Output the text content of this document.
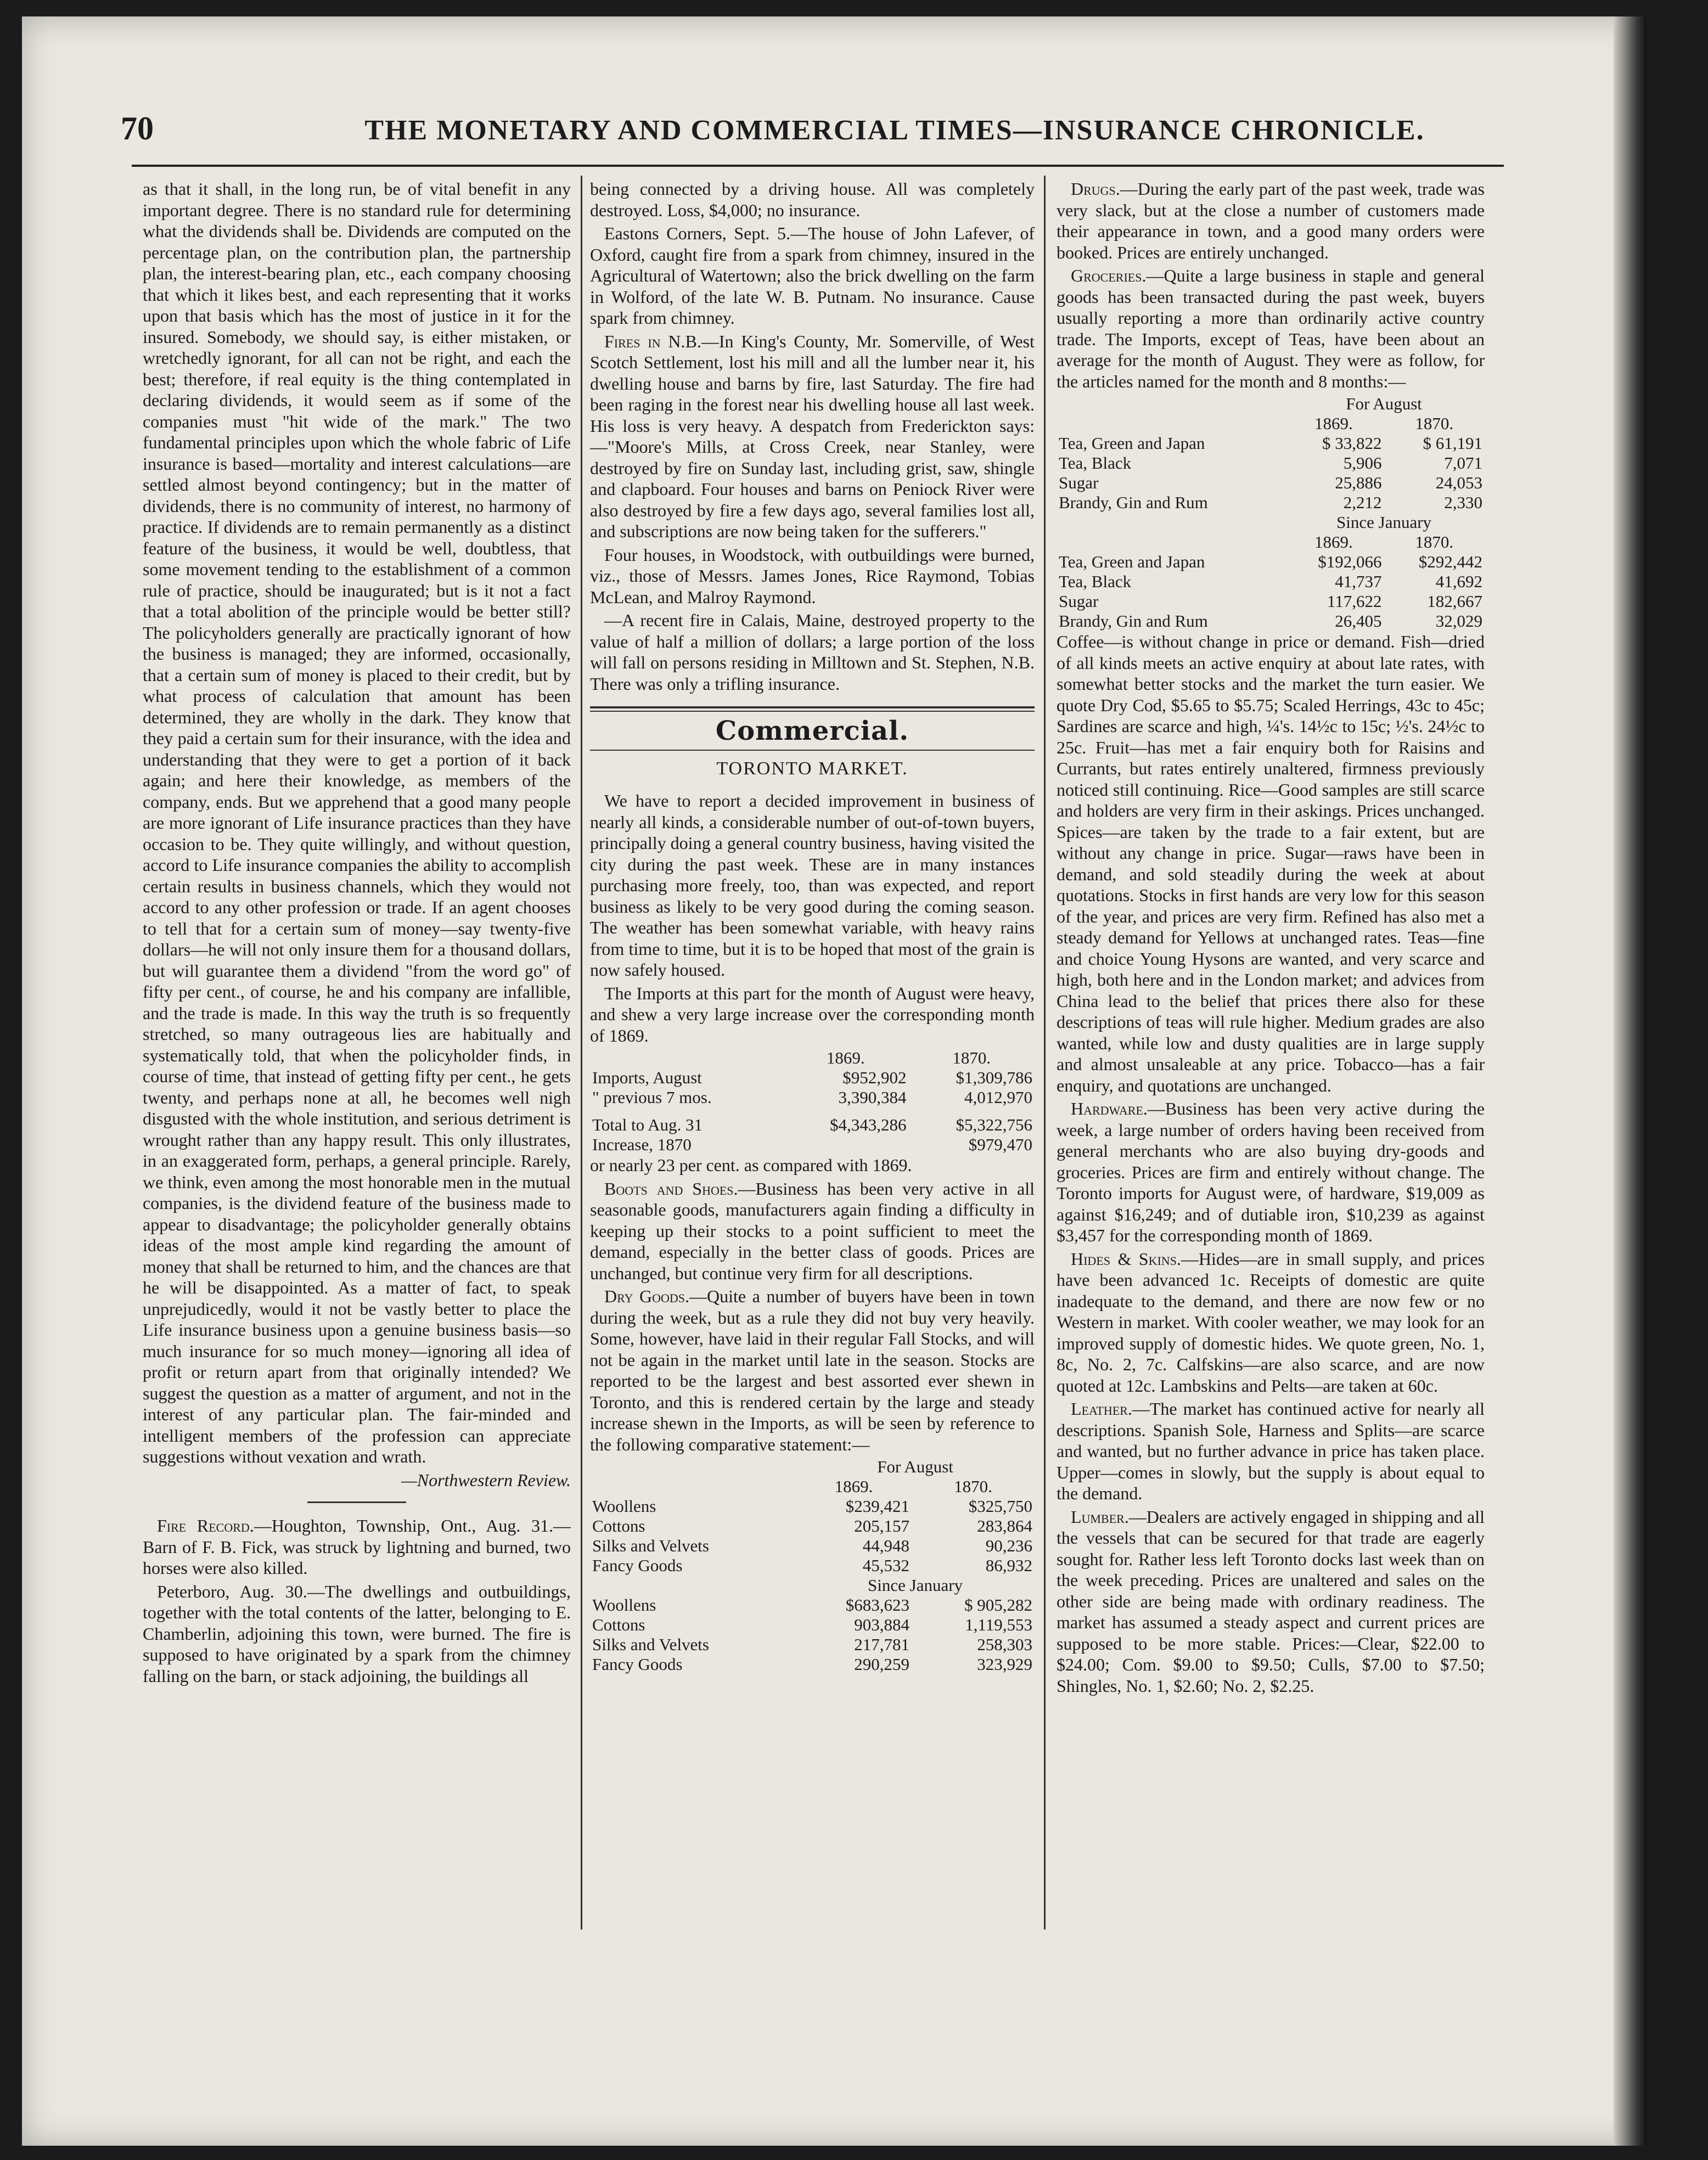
70	THE MONETARY AND COMMERCIAL TIMES—INSURANCE CHRONICLE.

as that it shall, in the long run, be of vital benefit in any important degree. There is no standard rule for determining what the dividends shall be. Dividends are computed on the percentage plan, on the contribution plan, the partnership plan, the interest-bearing plan, etc., each company choosing that which it likes best, and each representing that it works upon that basis which has the most of justice in it for the insured. Somebody, we should say, is either mistaken, or wretchedly ignorant, for all can not be right, and each the best; therefore, if real equity is the thing contemplated in declaring dividends, it would seem as if some of the companies must "hit wide of the mark." The two fundamental principles upon which the whole fabric of Life insurance is based—mortality and interest calculations—are settled almost beyond contingency; but in the matter of dividends, there is no community of interest, no harmony of practice. If dividends are to remain permanently as a distinct feature of the business, it would be well, doubtless, that some movement tending to the establishment of a common rule of practice, should be inaugurated; but is it not a fact that a total abolition of the principle would be better still? The policyholders generally are practically ignorant of how the business is managed; they are informed, occasionally, that a certain sum of money is placed to their credit, but by what process of calculation that amount has been determined, they are wholly in the dark. They know that they paid a certain sum for their insurance, with the idea and understanding that they were to get a portion of it back again; and here their knowledge, as members of the company, ends. But we apprehend that a good many people are more ignorant of Life insurance practices than they have occasion to be. They quite willingly, and without question, accord to Life insurance companies the ability to accomplish certain results in business channels, which they would not accord to any other profession or trade. If an agent chooses to tell that for a certain sum of money—say twenty-five dollars—he will not only insure them for a thousand dollars, but will guarantee them a dividend "from the word go" of fifty per cent., of course, he and his company are infallible, and the trade is made. In this way the truth is so frequently stretched, so many outrageous lies are habitually and systematically told, that when the policyholder finds, in course of time, that instead of getting fifty per cent., he gets twenty, and perhaps none at all, he becomes well nigh disgusted with the whole institution, and serious detriment is wrought rather than any happy result. This only illustrates, in an exaggerated form, perhaps, a general principle. Rarely, we think, even among the most honorable men in the mutual companies, is the dividend feature of the business made to appear to disadvantage; the policyholder generally obtains ideas of the most ample kind regarding the amount of money that shall be returned to him, and the chances are that he will be disappointed. As a matter of fact, to speak unprejudicedly, would it not be vastly better to place the Life insurance business upon a genuine business basis—so much insurance for so much money—ignoring all idea of profit or return apart from that originally intended? We suggest the question as a matter of argument, and not in the interest of any particular plan. The fair-minded and intelligent members of the profession can appreciate suggestions without vexation and wrath.

—Northwestern Review.

Fire Record.—Houghton, Township, Ont., Aug. 31.—Barn of F. B. Fick, was struck by lightning and burned, two horses were also killed.

Peterboro, Aug. 30.—The dwellings and outbuildings, together with the total contents of the latter, belonging to E. Chamberlin, adjoining this town, were burned. The fire is supposed to have originated by a spark from the chimney falling on the barn, or stack adjoining, the buildings all

being connected by a driving house. All was completely destroyed. Loss, $4,000; no insurance.

Eastons Corners, Sept. 5.—The house of John Lafever, of Oxford, caught fire from a spark from chimney, insured in the Agricultural of Watertown; also the brick dwelling on the farm in Wolford, of the late W. B. Putnam. No insurance. Cause spark from chimney.

Fires in N.B.—In King's County, Mr. Somerville, of West Scotch Settlement, lost his mill and all the lumber near it, his dwelling house and barns by fire, last Saturday. The fire had been raging in the forest near his dwelling house all last week. His loss is very heavy. A despatch from Frederickton says:—"Moore's Mills, at Cross Creek, near Stanley, were destroyed by fire on Sunday last, including grist, saw, shingle and clapboard. Four houses and barns on Peniock River were also destroyed by fire a few days ago, several families lost all, and subscriptions are now being taken for the sufferers."

Four houses, in Woodstock, with outbuildings were burned, viz., those of Messrs. James Jones, Rice Raymond, Tobias McLean, and Malroy Raymond.

—A recent fire in Calais, Maine, destroyed property to the value of half a million of dollars; a large portion of the loss will fall on persons residing in Milltown and St. Stephen, N.B. There was only a trifling insurance.

Commercial.
TORONTO MARKET.

We have to report a decided improvement in business of nearly all kinds, a considerable number of out-of-town buyers, principally doing a general country business, having visited the city during the past week. These are in many instances purchasing more freely, too, than was expected, and report business as likely to be very good during the coming season. The weather has been somewhat variable, with heavy rains from time to time, but it is to be hoped that most of the grain is now safely housed.

The Imports at this part for the month of August were heavy, and shew a very large increase over the corresponding month of 1869.

	1869.	1870.
Imports, August	$952,902	$1,309,786
" previous 7 mos.	3,390,384	4,012,970
Total to Aug. 31	$4,343,286	$5,322,756
Increase, 1870		$979,470

or nearly 23 per cent. as compared with 1869.

Boots and Shoes.—Business has been very active in all seasonable goods, manufacturers again finding a difficulty in keeping up their stocks to a point sufficient to meet the demand, especially in the better class of goods. Prices are unchanged, but continue very firm for all descriptions.

Dry Goods.—Quite a number of buyers have been in town during the week, but as a rule they did not buy very heavily. Some, however, have laid in their regular Fall Stocks, and will not be again in the market until late in the season. Stocks are reported to be the largest and best assorted ever shewn in Toronto, and this is rendered certain by the large and steady increase shewn in the Imports, as will be seen by reference to the following comparative statement:—

	For August	
	1869.	1870.
Woollens	$239,421	$325,750
Cottons	205,157	283,864
Silks and Velvets	44,948	90,236
Fancy Goods	45,532	86,932
	Since January	
Woollens	$683,623	$ 905,282
Cottons	903,884	1,119,553
Silks and Velvets	217,781	258,303
Fancy Goods	290,259	323,929

Drugs.—During the early part of the past week, trade was very slack, but at the close a number of customers made their appearance in town, and a good many orders were booked. Prices are entirely unchanged.

Groceries.—Quite a large business in staple and general goods has been transacted during the past week, buyers usually reporting a more than ordinarily active country trade. The Imports, except of Teas, have been about an average for the month of August. They were as follow, for the articles named for the month and 8 months:—

	For August	
	1869.	1870.
Tea, Green and Japan	$ 33,822	$ 61,191
Tea, Black	5,906	7,071
Sugar	25,886	24,053
Brandy, Gin and Rum	2,212	2,330
	Since January	
	1869.	1870.
Tea, Green and Japan	$192,066	$292,442
Tea, Black	41,737	41,692
Sugar	117,622	182,667
Brandy, Gin and Rum	26,405	32,029

Coffee—is without change in price or demand. Fish—dried of all kinds meets an active enquiry at about late rates, with somewhat better stocks and the market the turn easier. We quote Dry Cod, $5.65 to $5.75; Scaled Herrings, 43c to 45c; Sardines are scarce and high, ¼'s. 14½c to 15c; ½'s. 24½c to 25c. Fruit—has met a fair enquiry both for Raisins and Currants, but rates entirely unaltered, firmness previously noticed still continuing. Rice—Good samples are still scarce and holders are very firm in their askings. Prices unchanged. Spices—are taken by the trade to a fair extent, but are without any change in price. Sugar—raws have been in demand, and sold steadily during the week at about quotations. Stocks in first hands are very low for this season of the year, and prices are very firm. Refined has also met a steady demand for Yellows at unchanged rates. Teas—fine and choice Young Hysons are wanted, and very scarce and high, both here and in the London market; and advices from China lead to the belief that prices there also for these descriptions of teas will rule higher. Medium grades are also wanted, while low and dusty qualities are in large supply and almost unsaleable at any price. Tobacco—has a fair enquiry, and quotations are unchanged.

Hardware.—Business has been very active during the week, a large number of orders having been received from general merchants who are also buying dry-goods and groceries. Prices are firm and entirely without change. The Toronto imports for August were, of hardware, $19,009 as against $16,249; and of dutiable iron, $10,239 as against $3,457 for the corresponding month of 1869.

Hides & Skins.—Hides—are in small supply, and prices have been advanced 1c. Receipts of domestic are quite inadequate to the demand, and there are now few or no Western in market. With cooler weather, we may look for an improved supply of domestic hides. We quote green, No. 1, 8c, No. 2, 7c. Calfskins—are also scarce, and are now quoted at 12c. Lambskins and Pelts—are taken at 60c.

Leather.—The market has continued active for nearly all descriptions. Spanish Sole, Harness and Splits—are scarce and wanted, but no further advance in price has taken place. Upper—comes in slowly, but the supply is about equal to the demand.

Lumber.—Dealers are actively engaged in shipping and all the vessels that can be secured for that trade are eagerly sought for. Rather less left Toronto docks last week than on the week preceding. Prices are unaltered and sales on the other side are being made with ordinary readiness. The market has assumed a steady aspect and current prices are supposed to be more stable. Prices:—Clear, $22.00 to $24.00; Com. $9.00 to $9.50; Culls, $7.00 to $7.50; Shingles, No. 1, $2.60; No. 2, $2.25.
